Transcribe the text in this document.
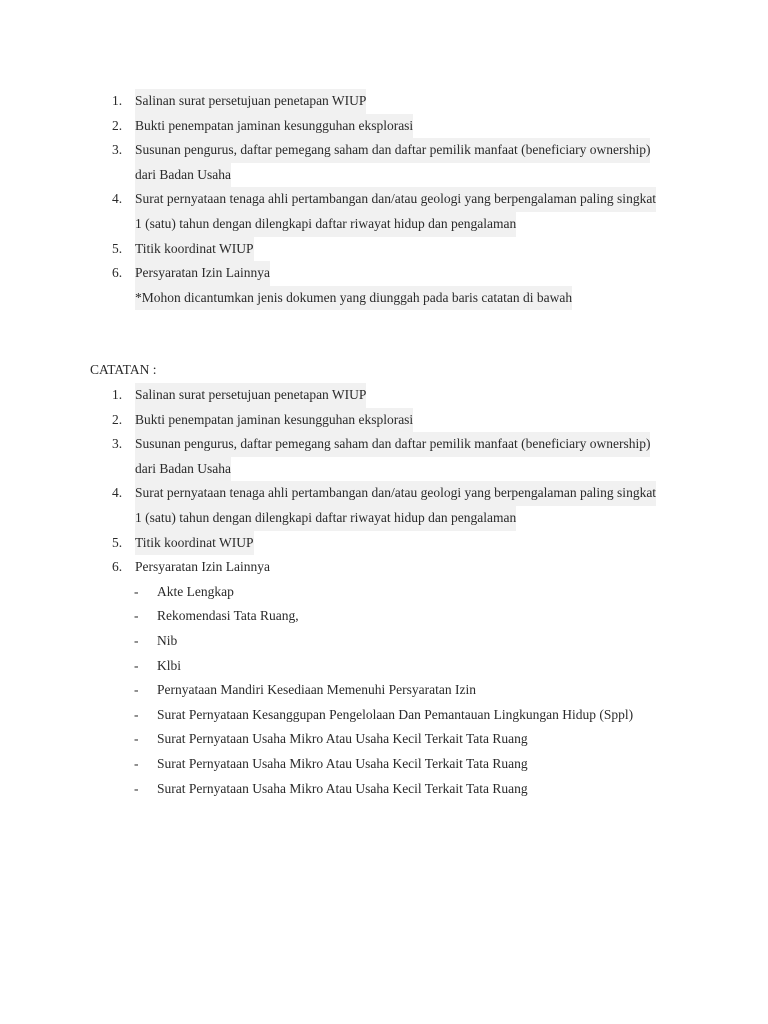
1. Salinan surat persetujuan penetapan WIUP
2. Bukti penempatan jaminan kesungguhan eksplorasi
3. Susunan pengurus, daftar pemegang saham dan daftar pemilik manfaat (beneficiary ownership)
dari Badan Usaha
4. Surat pernyataan tenaga ahli pertambangan dan/atau geologi yang berpengalaman paling singkat
1 (satu) tahun dengan dilengkapi daftar riwayat hidup dan pengalaman
5. Titik koordinat WIUP
6. Persyaratan Izin Lainnya
*Mohon dicantumkan jenis dokumen yang diunggah pada baris catatan di bawah
CATATAN :
1. Salinan surat persetujuan penetapan WIUP
2. Bukti penempatan jaminan kesungguhan eksplorasi
3. Susunan pengurus, daftar pemegang saham dan daftar pemilik manfaat (beneficiary ownership)
dari Badan Usaha
4. Surat pernyataan tenaga ahli pertambangan dan/atau geologi yang berpengalaman paling singkat
1 (satu) tahun dengan dilengkapi daftar riwayat hidup dan pengalaman
5. Titik koordinat WIUP
6. Persyaratan Izin Lainnya
-	Akte Lengkap
-	Rekomendasi Tata Ruang,
-	Nib
-	Klbi
-	Pernyataan Mandiri Kesediaan Memenuhi Persyaratan Izin
-	Surat Pernyataan Kesanggupan Pengelolaan Dan Pemantauan Lingkungan Hidup (Sppl)
-	Surat Pernyataan Usaha Mikro Atau Usaha Kecil Terkait Tata Ruang
-	Surat Pernyataan Usaha Mikro Atau Usaha Kecil Terkait Tata Ruang
-	Surat Pernyataan Usaha Mikro Atau Usaha Kecil Terkait Tata Ruang
